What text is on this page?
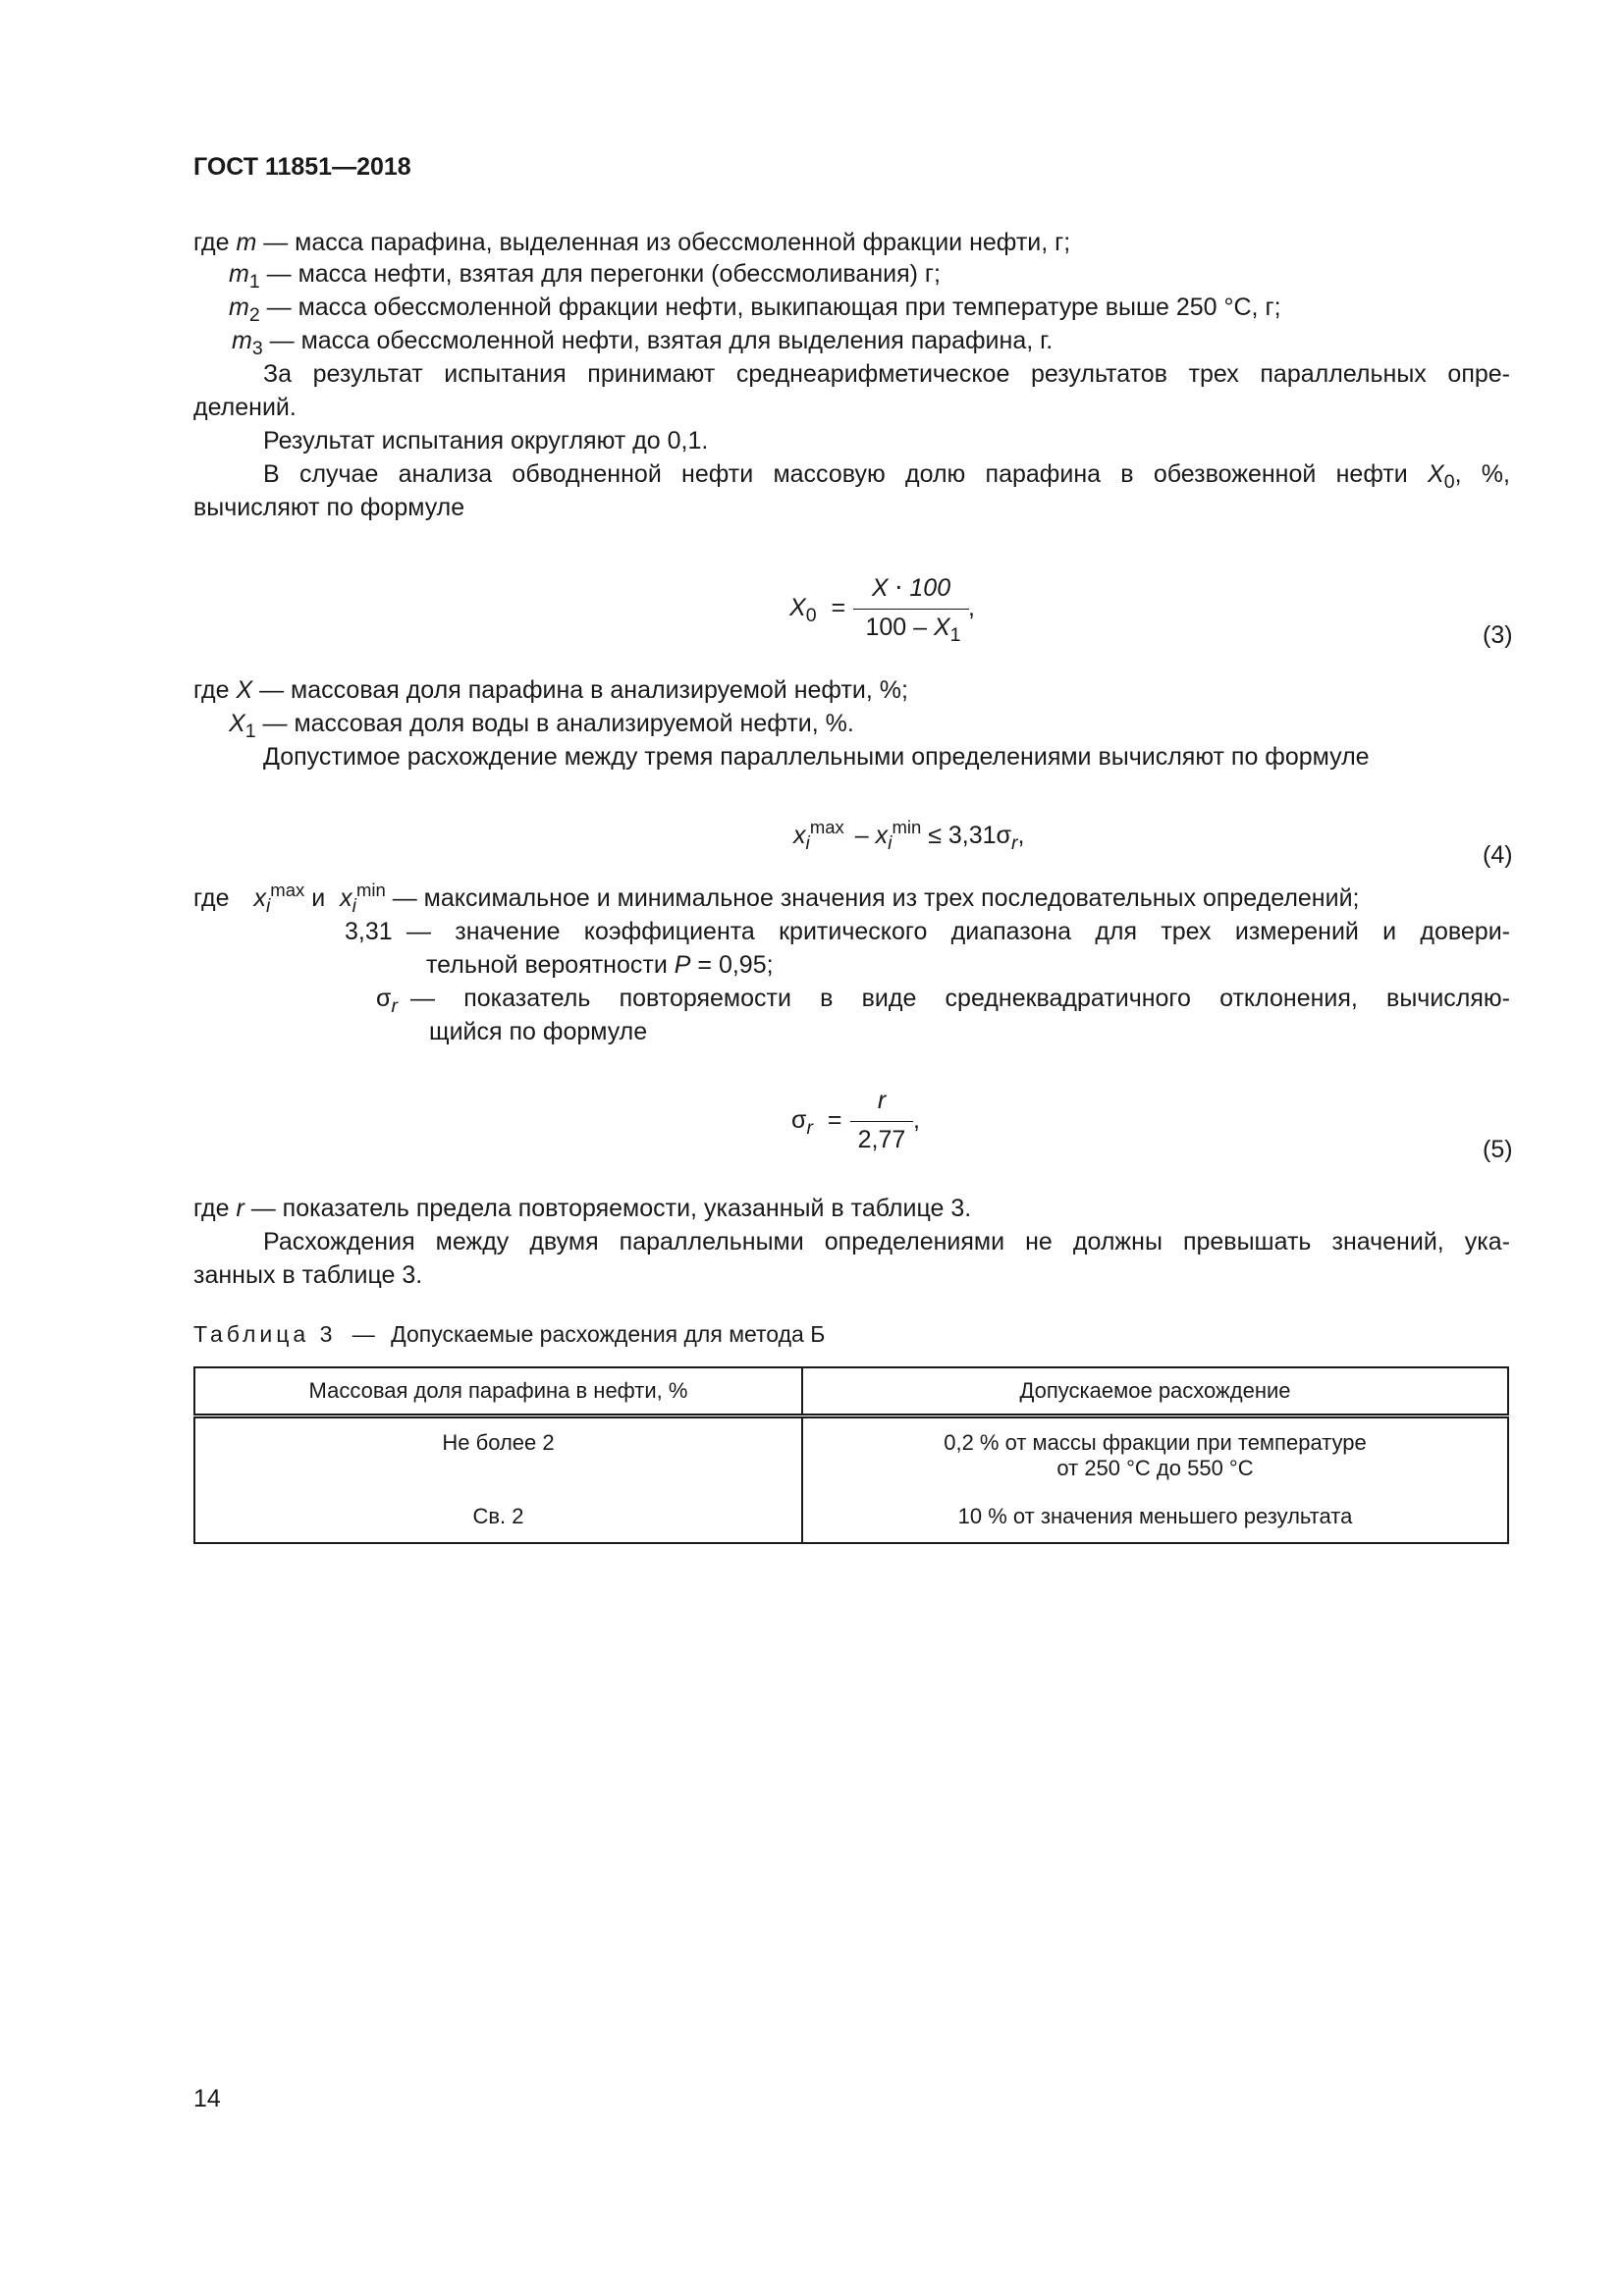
ГОСТ 11851—2018
где m — масса парафина, выделенная из обессмоленной фракции нефти, г;
$m_1$ — масса нефти, взятая для перегонки (обессмоливания) г;
$m_2$ — масса обессмоленной фракции нефти, выкипающая при температуре выше 250 °С, г;
$m_3$ — масса обессмоленной нефти, взятая для выделения парафина, г.
За результат испытания принимают среднеарифметическое результатов трех параллельных опре-
делений.
Результат испытания округляют до 0,1.
В случае анализа обводненной нефти массовую долю парафина в обезвоженной нефти $X_0$, %,
вычисляют по формуле
$X_0$ =
X ⋅ 100
$100 - X_1$
,
(3)
где X — массовая доля парафина в анализируемой нефти, %;
$X_1$ — массовая доля воды в анализируемой нефти, %.
Допустимое расхождение между тремя параллельными определениями вычисляют по формуле
$x_i^{max} - x_i^{min} \le 3,31\sigma_r$,
(4)
где $x_i^{max}$ и $x_i^{min}$ — максимальное и минимальное значения из трех последовательных определений;
3,31 — значение коэффициента критического диапазона для трех измерений и довери-
тельной вероятности P = 0,95;
$\sigma_r$ — показатель повторяемости в виде среднеквадратичного отклонения, вычисляю-
щийся по формуле
$\sigma_r$ =
r
2,77
,
(5)
где r — показатель предела повторяемости, указанный в таблице 3.
Расхождения между двумя параллельными определениями не должны превышать значений, ука-
занных в таблице 3.
Таблица 3 — Допускаемые расхождения для метода Б
Массовая доля парафина в нефти, %	Допускаемое расхождение
Не более 2	0,2 % от массы фракции при температуре
от 250 °С до 550 °С

Св. 2	10 % от значения меньшего результата
14
